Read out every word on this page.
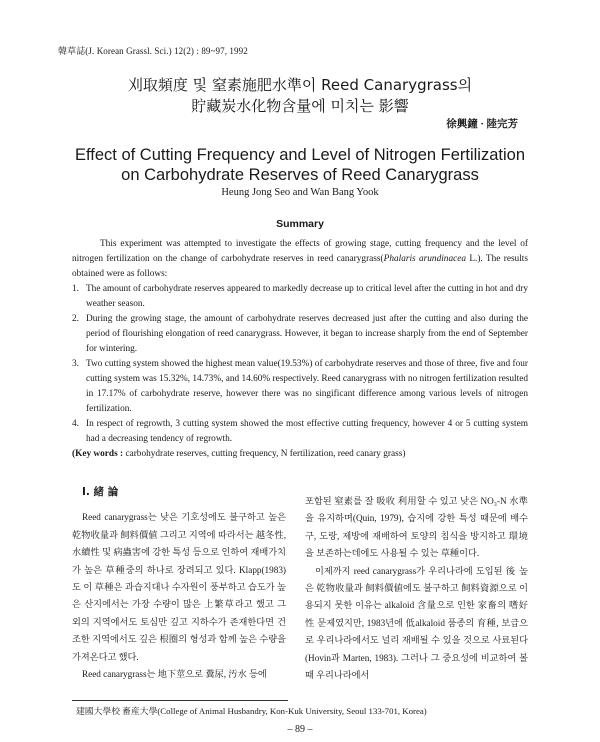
韓草誌(J. Korean Grassl. Sci.) 12(2) : 89~97, 1992
刈取頻度 및 窒素施肥水準이 Reed Canarygrass의
貯藏炭水化物含量에 미치는 影響
徐興鐘 · 陸完芳
Effect of Cutting Frequency and Level of Nitrogen Fertilization
on Carbohydrate Reserves of Reed Canarygrass
Heung Jong Seo and Wan Bang Yook
Summary

This experiment was attempted to investigate the effects of growing stage, cutting frequency and the level of nitrogen fertilization on the change of carbohydrate reserves in reed canarygrass(Phalaris arundinacea L.). The results obtained were as follows:

1. The amount of carbohydrate reserves appeared to markedly decrease up to critical level after the cutting in hot and dry weather season.
2. During the growing stage, the amount of carbohydrate reserves decreased just after the cutting and also during the period of flourishing elongation of reed canarygrass. However, it began to increase sharply from the end of September for wintering.
3. Two cutting system showed the highest mean value(19.53%) of carbohydrate reserves and those of three, five and four cutting system was 15.32%, 14.73%, and 14.60% respectively. Reed canarygrass with no nitrogen fertilization resulted in 17.17% of carbohydrate reserve, however there was no singificant difference among various levels of nitrogen fertilization.
4. In respect of regrowth, 3 cutting system showed the most effective cutting frequency, however 4 or 5 cutting system had a decreasing tendency of regrowth.

(Key words : carbohydrate reserves, cutting frequency, N fertilization, reed canary grass)

Ⅰ. 緒 論

Reed canarygrass는 낮은 기호성에도 불구하고 높은 乾物收量과 飼料價値 그리고 지역에 따라서는 越冬性, 水續性 및 病蟲害에 강한 특성 등으로 인하여 재배가치가 높은 草種중의 하나로 장려되고 있다. Klapp(1983)도 이 草種은 과습지대나 수자원이 풍부하고 습도가 높은 산지에서는 가장 수량이 많은 上繁草라고 했고 그 외의 지역에서도 토심만 깊고 지하수가 존재한다면 건조한 지역에서도 깊은 根圈의 형성과 함께 높은 수량을 가져온다고 했다.

Reed canarygrass는 地下莖으로 糞尿, 汚水 등에

포함된 窒素를 잘 吸收 利用할 수 있고 낮은 NO₃-N 水準을 유지하며(Quin, 1979), 습지에 강한 특성 때문에 배수구, 도랑, 제방에 재배하여 토양의 침식을 방지하고 環境을 보존하는데에도 사용될 수 있는 草種이다.

이제까지 reed canarygrass가 우리나라에 도입된 後 높은 乾物收量과 飼料價値에도 불구하고 飼料資源으로 이용되지 못한 이유는 alkaloid 含量으로 인한 家畜의 嗜好性 문제였지만, 1983년에 低alkaloid 품종의 育種, 보급으로 우리나라에서도 널리 재배될 수 있을 것으로 사료된다(Hovin과 Marten, 1983). 그러나 그 중요성에 비교하여 볼 때 우리나라에서

建國大學校 畜産大學(College of Animal Husbandry, Kon-Kuk University, Seoul 133-701, Korea)
– 89 –
